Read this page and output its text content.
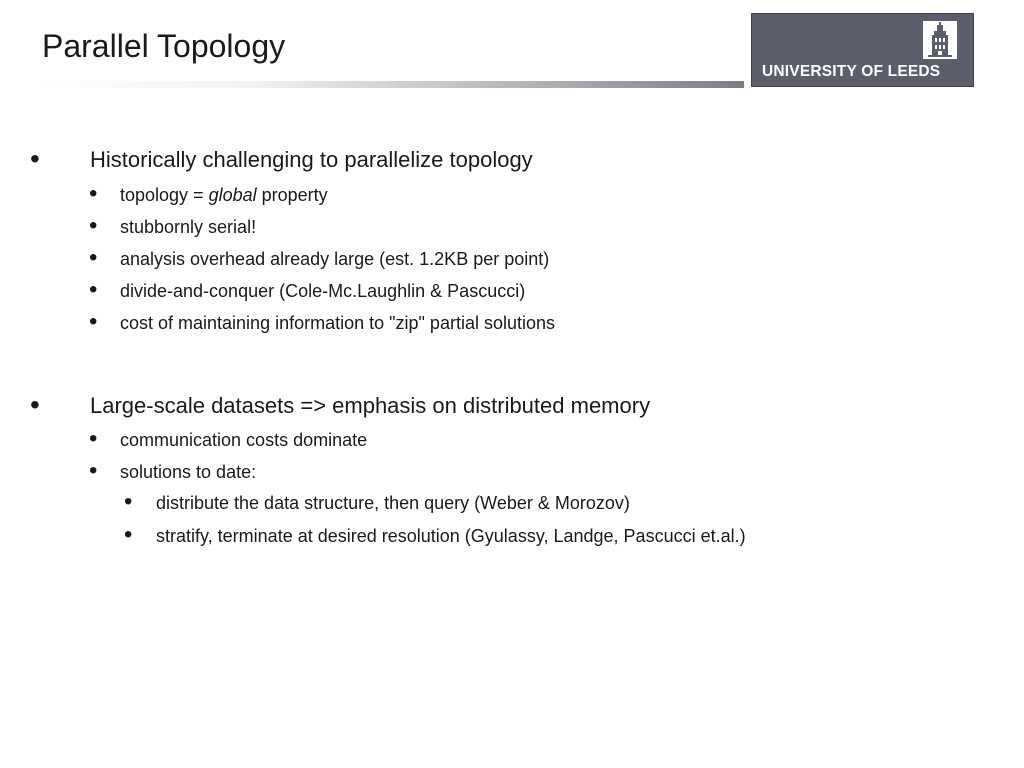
Parallel Topology
UNIVERSITY OF LEEDS
• Historically challenging to parallelize topology
• topology = global property
• stubbornly serial!
• analysis overhead already large (est. 1.2KB per point)
• divide-and-conquer (Cole-Mc.Laughlin & Pascucci)
• cost of maintaining information to "zip" partial solutions
• Large-scale datasets => emphasis on distributed memory
• communication costs dominate
• solutions to date:
• distribute the data structure, then query (Weber & Morozov)
• stratify, terminate at desired resolution (Gyulassy, Landge, Pascucci et.al.)
